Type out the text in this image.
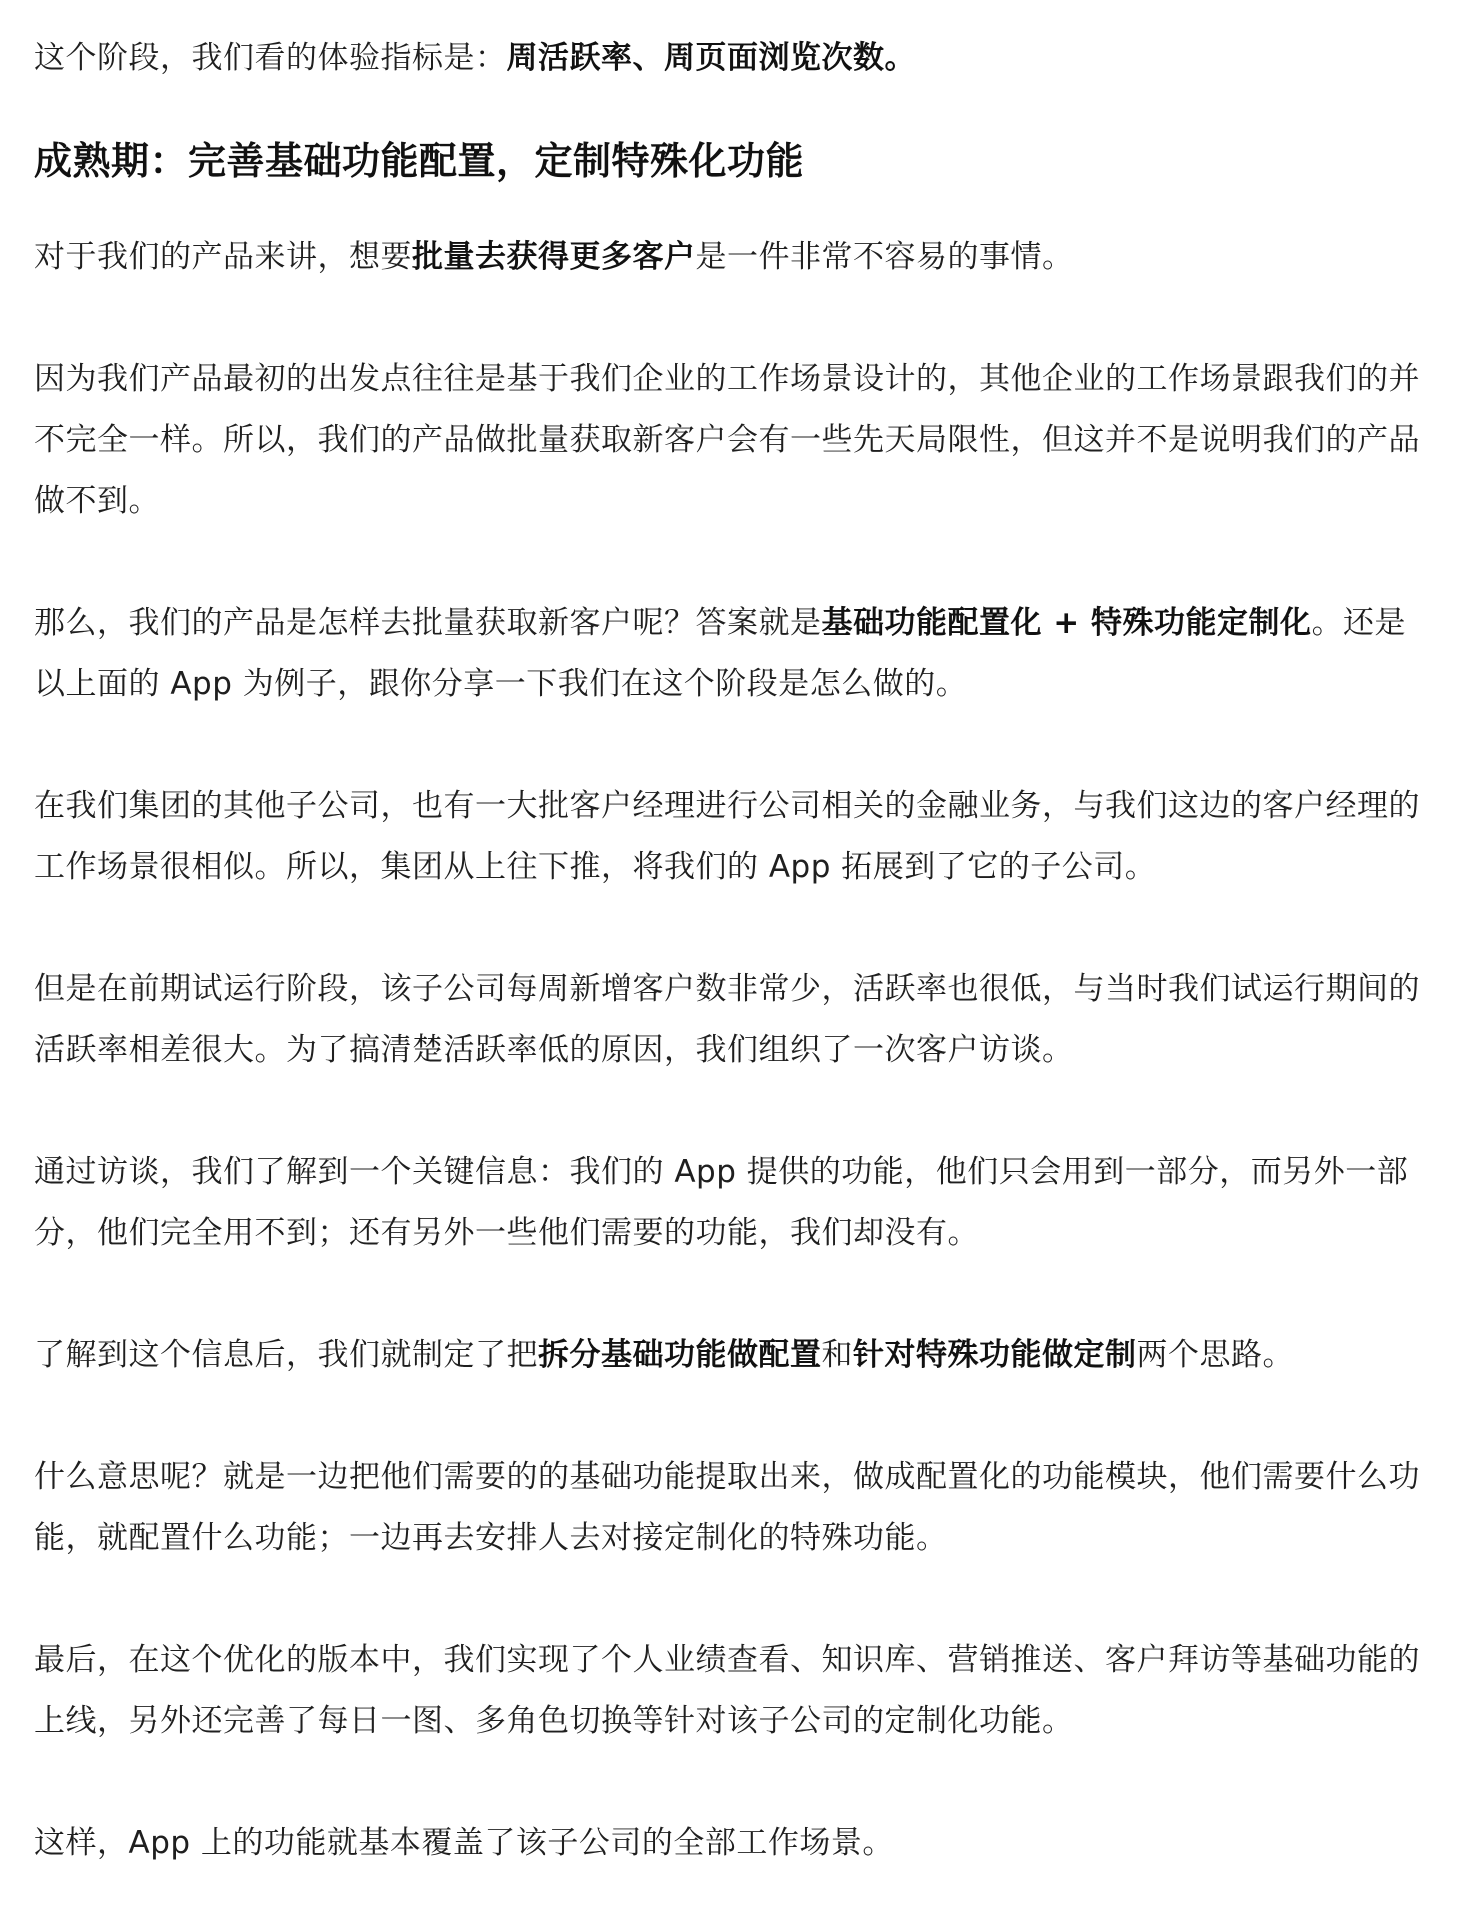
这个阶段，我们看的体验指标是：周活跃率、周页面浏览次数。

成熟期：完善基础功能配置，定制特殊化功能

对于我们的产品来讲，想要批量去获得更多客户是一件非常不容易的事情。

因为我们产品最初的出发点往往是基于我们企业的工作场景设计的，其他企业的工作场景跟我们的并不完全一样。所以，我们的产品做批量获取新客户会有一些先天局限性，但这并不是说明我们的产品做不到。

那么，我们的产品是怎样去批量获取新客户呢？答案就是基础功能配置化 + 特殊功能定制化。还是以上面的 App 为例子，跟你分享一下我们在这个阶段是怎么做的。

在我们集团的其他子公司，也有一大批客户经理进行公司相关的金融业务，与我们这边的客户经理的工作场景很相似。所以，集团从上往下推，将我们的 App 拓展到了它的子公司。

但是在前期试运行阶段，该子公司每周新增客户数非常少，活跃率也很低，与当时我们试运行期间的活跃率相差很大。为了搞清楚活跃率低的原因，我们组织了一次客户访谈。

通过访谈，我们了解到一个关键信息：我们的 App 提供的功能，他们只会用到一部分，而另外一部分，他们完全用不到；还有另外一些他们需要的功能，我们却没有。

了解到这个信息后，我们就制定了把拆分基础功能做配置和针对特殊功能做定制两个思路。

什么意思呢？就是一边把他们需要的的基础功能提取出来，做成配置化的功能模块，他们需要什么功能，就配置什么功能；一边再去安排人去对接定制化的特殊功能。

最后，在这个优化的版本中，我们实现了个人业绩查看、知识库、营销推送、客户拜访等基础功能的上线，另外还完善了每日一图、多角色切换等针对该子公司的定制化功能。

这样，App 上的功能就基本覆盖了该子公司的全部工作场景。
